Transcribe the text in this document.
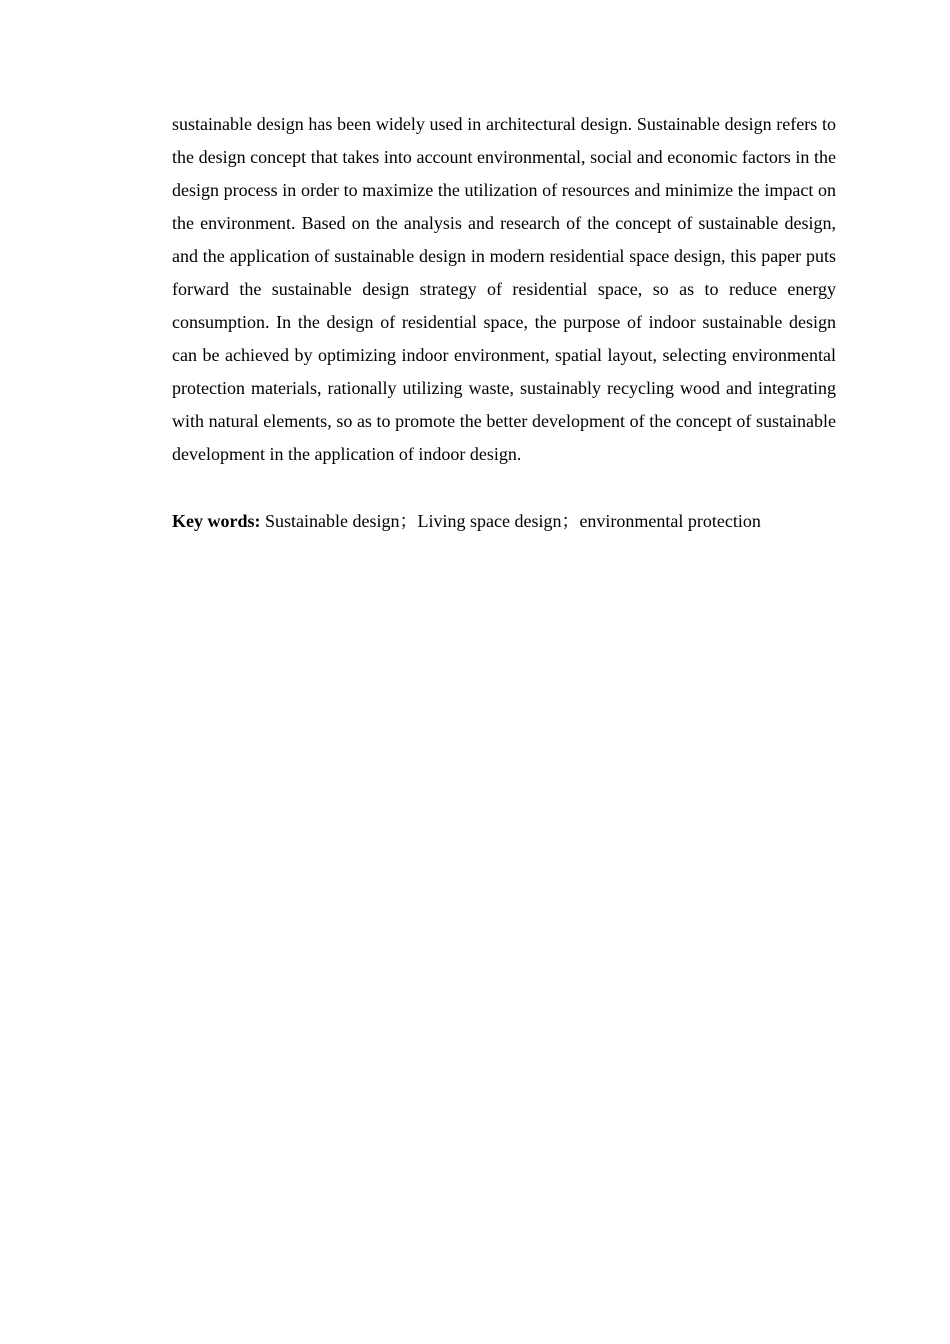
sustainable design has been widely used in architectural design. Sustainable design refers to the design concept that takes into account environmental, social and economic factors in the design process in order to maximize the utilization of resources and minimize the impact on the environment. Based on the analysis and research of the concept of sustainable design, and the application of sustainable design in modern residential space design, this paper puts forward the sustainable design strategy of residential space, so as to reduce energy consumption. In the design of residential space, the purpose of indoor sustainable design can be achieved by optimizing indoor environment, spatial layout, selecting environmental protection materials, rationally utilizing waste, sustainably recycling wood and integrating with natural elements, so as to promote the better development of the concept of sustainable development in the application of indoor design.

Key words: Sustainable design；Living space design；environmental protection
